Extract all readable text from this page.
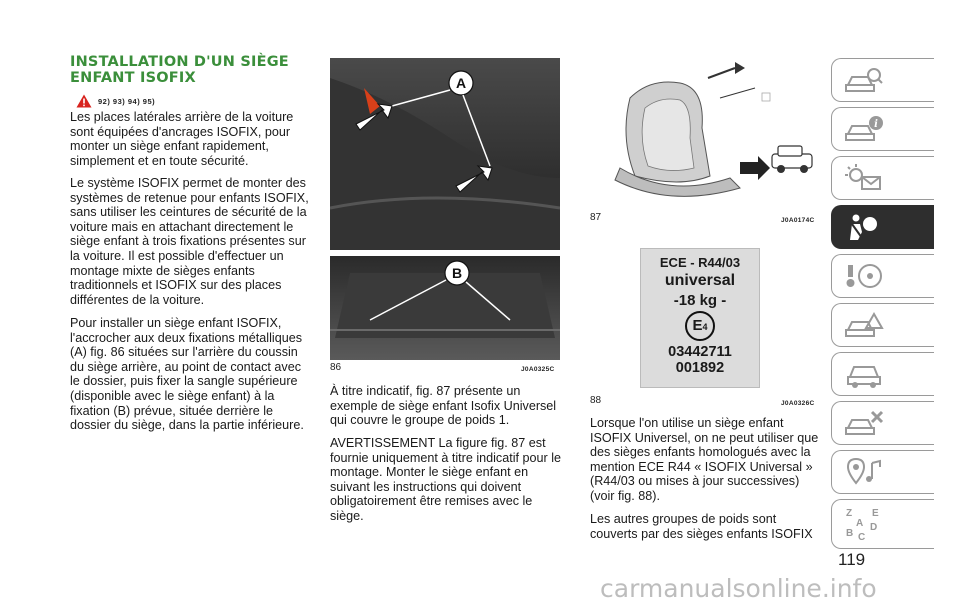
INSTALLATION D'UN SIÈGE
ENFANT ISOFIX
92) 93) 94) 95)

Les places latérales arrière de la voiture sont équipées d'ancrages ISOFIX, pour monter un siège enfant rapidement, simplement et en toute sécurité.

Le système ISOFIX permet de monter des systèmes de retenue pour enfants ISOFIX, sans utiliser les ceintures de sécurité de la voiture mais en attachant directement le siège enfant à trois fixations présentes sur la voiture. Il est possible d'effectuer un montage mixte de sièges enfants traditionnels et ISOFIX sur des places différentes de la voiture.

Pour installer un siège enfant ISOFIX, l'accrocher aux deux fixations métalliques (A) fig. 86 situées sur l'arrière du coussin du siège arrière, au point de contact avec le dossier, puis fixer la sangle supérieure (disponible avec le siège enfant) à la fixation (B) prévue, située derrière le dossier du siège, dans la partie inférieure.

A
B
86	J0A0325C

À titre indicatif, fig. 87 présente un exemple de siège enfant Isofix Universel qui couvre le groupe de poids 1.

AVERTISSEMENT La figure fig. 87 est fournie uniquement à titre indicatif pour le montage. Monter le siège enfant en suivant les instructions qui doivent obligatoirement être remises avec le siège.

87	J0A0174C
ECE - R44/03
universal
-18 kg -
E4
03442711
001892
88	J0A0326C

Lorsque l'on utilise un siège enfant ISOFIX Universel, on ne peut utiliser que des sièges enfants homologués avec la mention ECE R44 « ISOFIX Universal » (R44/03 ou mises à jour successives) (voir fig. 88).

Les autres groupes de poids sont couverts par des sièges enfants ISOFIX

i
Z E
A
B
D
C
119
carmanualsonline.info
